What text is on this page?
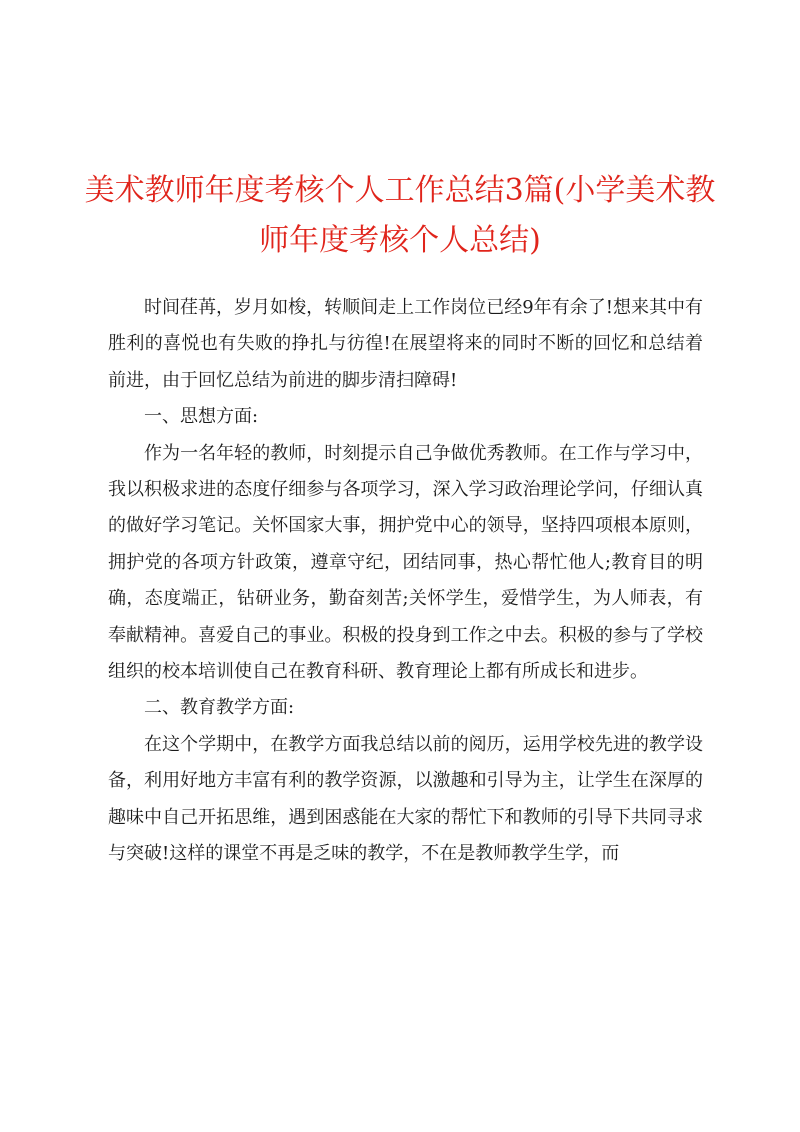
美术教师年度考核个人工作总结3篇(小学美术教师年度考核个人总结)

时间荏苒，岁月如梭，转顺间走上工作岗位已经9年有余了!想来其中有胜利的喜悦也有失败的挣扎与彷徨!在展望将来的同时不断的回忆和总结着前进，由于回忆总结为前进的脚步清扫障碍!

一、思想方面:

作为一名年轻的教师，时刻提示自己争做优秀教师。在工作与学习中，我以积极求进的态度仔细参与各项学习，深入学习政治理论学问，仔细认真的做好学习笔记。关怀国家大事，拥护党中心的领导，坚持四项根本原则，拥护党的各项方针政策，遵章守纪，团结同事，热心帮忙他人;教育目的明确，态度端正，钻研业务，勤奋刻苦;关怀学生，爱惜学生，为人师表，有奉献精神。喜爱自己的事业。积极的投身到工作之中去。积极的参与了学校组织的校本培训使自己在教育科研、教育理论上都有所成长和进步。

二、教育教学方面:

在这个学期中，在教学方面我总结以前的阅历，运用学校先进的教学设备，利用好地方丰富有利的教学资源，以激趣和引导为主，让学生在深厚的趣味中自己开拓思维，遇到困惑能在大家的帮忙下和教师的引导下共同寻求与突破!这样的课堂不再是乏味的教学，不在是教师教学生学，而
